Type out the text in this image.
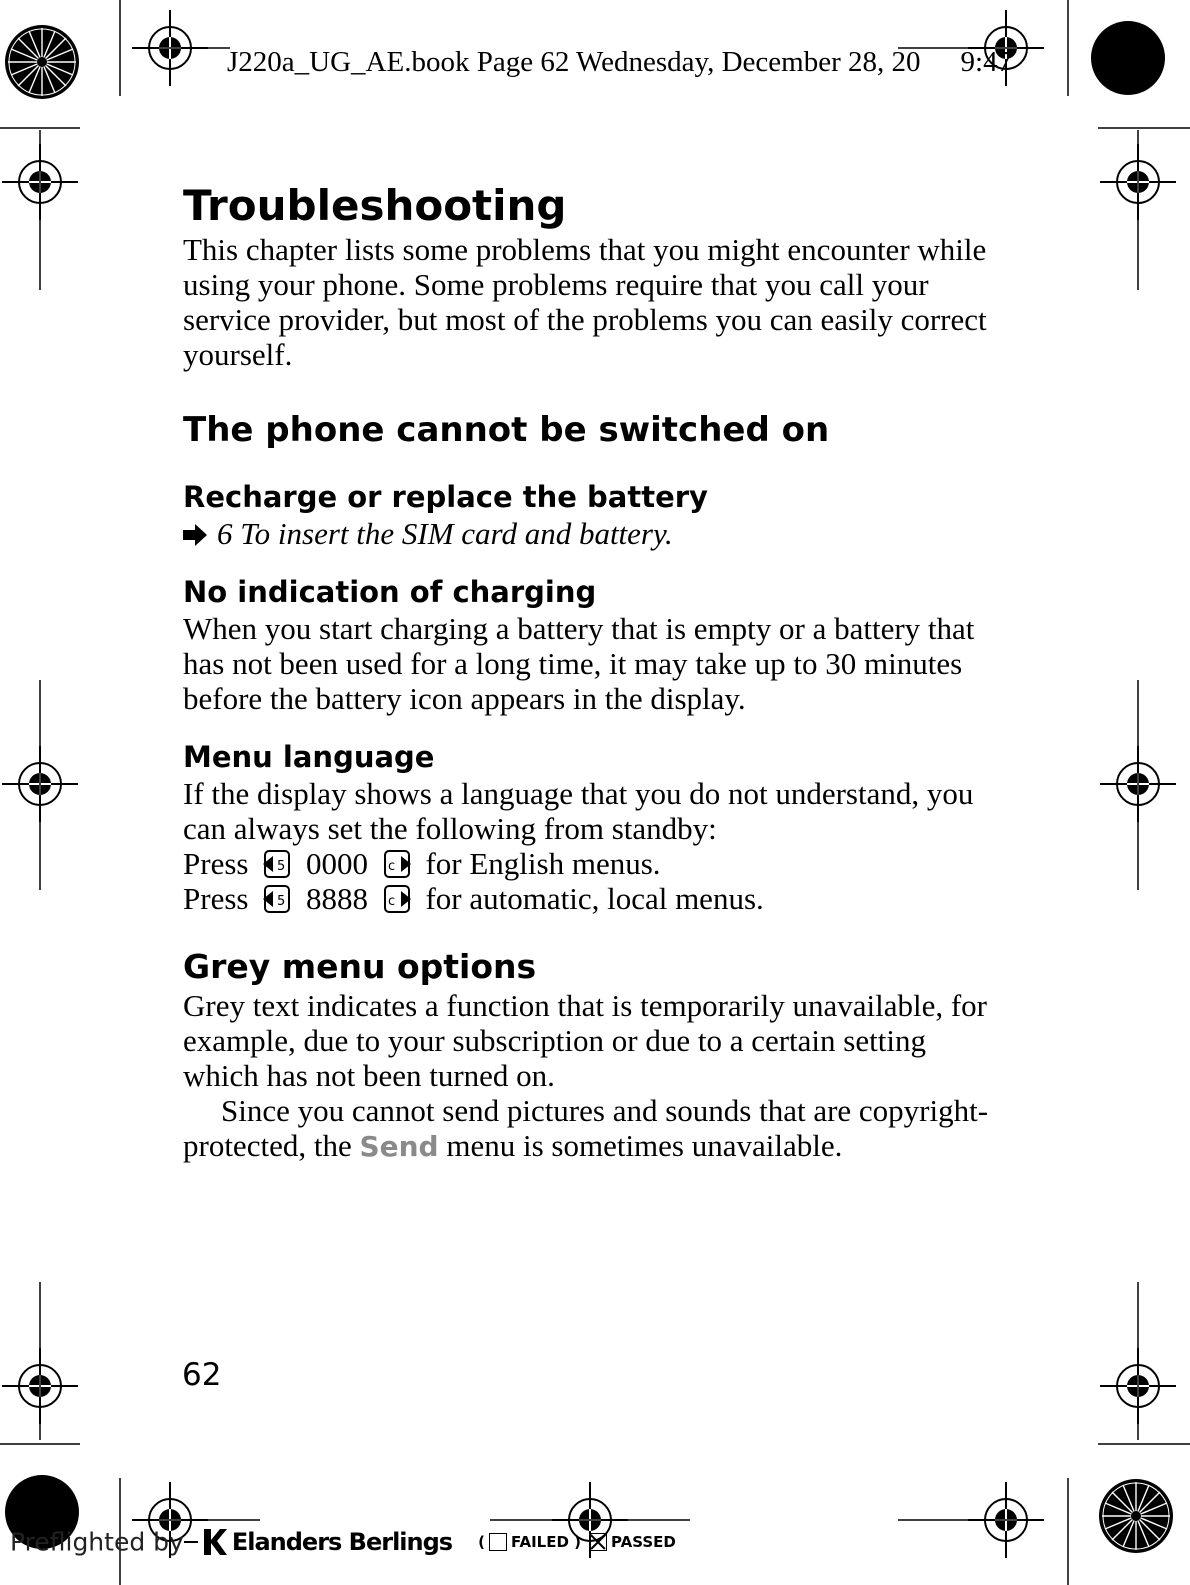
J220a_UG_AE.book Page 62 Wednesday, December 28, 20 9:47
Troubleshooting

This chapter lists some problems that you might encounter while using your phone. Some problems require that you call your service provider, but most of the problems you can easily correct yourself.

The phone cannot be switched on
Recharge or replace the battery

6 To insert the SIM card and battery.

No indication of charging

When you start charging a battery that is empty or a battery that has not been used for a long time, it may take up to 30 minutes before the battery icon appears in the display.

Menu language

If the display shows a language that you do not understand, you can always set the following from standby:

Press 5 0000 c for English menus.

Press 5 8888 c for automatic, local menus.

Grey menu options

Grey text indicates a function that is temporarily unavailable, for example, due to your subscription or due to a certain setting which has not been turned on.

Since you cannot send pictures and sounds that are copyright-protected, the Send menu is sometimes unavailable.

62
Preflighted by Elanders Berlings ( FAILED ) PASSED
